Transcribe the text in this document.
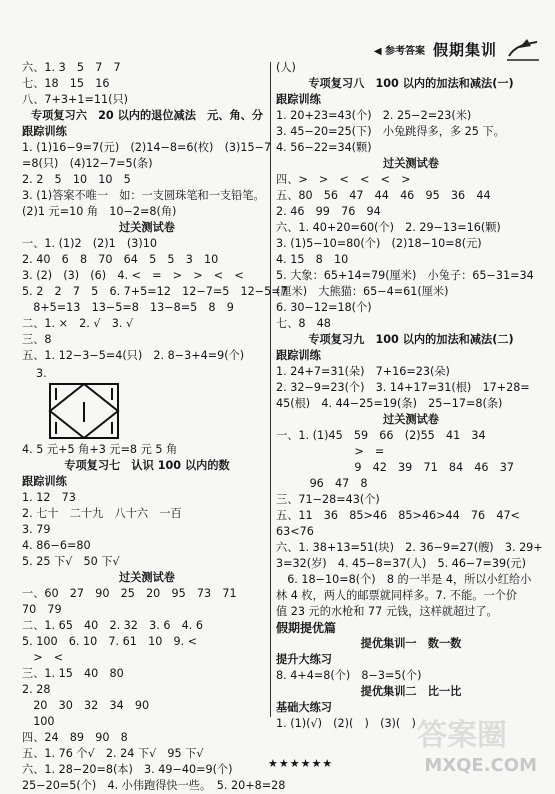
◀ 参考答案 假期集训
六、1. 3　5　7　7
七、18　15　16
八、7+3+1=11(只)
专项复习六　20 以内的退位减法　元、角、分
跟踪训练
1. (1)16−9=7(元)　(2)14−8=6(枚)　(3)15−7
=8(只)　(4)12−7=5(条)
2. 2　5　10　10　5
3. (1)答案不唯一　如：一支圆珠笔和一支铅笔。
(2)1 元=10 角　10−2=8(角)
过关测试卷
一、1. (1)2　(2)1　(3)10
2. 40　6　8　70　64　5　5　3　10
3. (2)　(3)　(6)　4. <　=　>　>　<　<
5. 2　2　7　5　6. 7+5=12　12−7=5　12−5=7
　8+5=13　13−5=8　13−8=5　8　9
二、1. ×　2. √　3. √
三、8
五、1. 12−3−5=4(只)　2. 8−3+4=9(个)
3.
4. 5 元+5 角+3 元=8 元 5 角
专项复习七　认识 100 以内的数
跟踪训练
1. 12　73
2. 七十　二十九　八十六　一百
3. 79
4. 86−6=80
5. 25 下√　50 下√
过关测试卷
一、60　27　90　25　20　95　73　71
70　79
二、1. 65　40　2. 32　3. 6　4. 6
5. 100　6. 10　7. 61　10　9. <
　>　<
三、1. 15　40　80
2. 28
　20　30　32　34　90
　100
四、24　89　90　8
五、1. 76 个√　2. 24 下√　95 下√
六、1. 28−20=8(本)　3. 49−40=9(个)
25−20=5(个)　4. 小伟跑得快一些。　5. 20+8=28
(人)
专项复习八　100 以内的加法和减法(一)
跟踪训练
1. 20+23=43(个)　2. 25−2=23(米)
3. 45−20=25(下)　小兔跳得多，多 25 下。
4. 56−22=34(颗)
过关测试卷
四、>　>　<　<　<　>
五、80　56　47　44　46　95　36　44
2. 46　99　76　94
六、1. 40+20=60(个)　2. 29−13=16(颗)
3. (1)5−10=80(个)　(2)18−10=8(元)
4. 15　8　10
5. 大象：65+14=79(厘米)　小兔子：65−31=34
(厘米)　大熊猫：65−4=61(厘米)
6. 30−12=18(个)
七、8　48
专项复习九　100 以内的加法和减法(二)
跟踪训练
1. 24+7=31(朵)　7+16=23(朵)
2. 32−9=23(个)　3. 14+17=31(根)　17+28=
45(根)　4. 44−25=19(条)　25−17=8(条)
过关测试卷
一、1. (1)45　59　66　(2)55　41　34
　　　　　　　>　=
　　　　　　　9　42　39　71　84　46　37
　　　96　47　8
三、71−28=43(个)
五、11　36　85>46　85>46>44　76　47<
63<76
六、1. 38+13=51(块)　2. 36−9=27(艘)　3. 29+
3=32(岁)　4. 45−8=37(人)　5. 46−7=39(元)
　6. 18−10=8(个)　8 的一半是 4，所以小红给小
林 4 枚，两人的邮票就同样多。7. 不能。一个价
值 23 元的水枪和 77 元钱，这样就超过了。
假期提优篇
提优集训一　数一数
提升大练习
8. 4+4=8(个)　8−3=5(个)
提优集训二　比一比
基础大练习
1. (1)(√)　(2)(　)　(3)(　)
★★★★★★
答案圈
MXQE.COM
